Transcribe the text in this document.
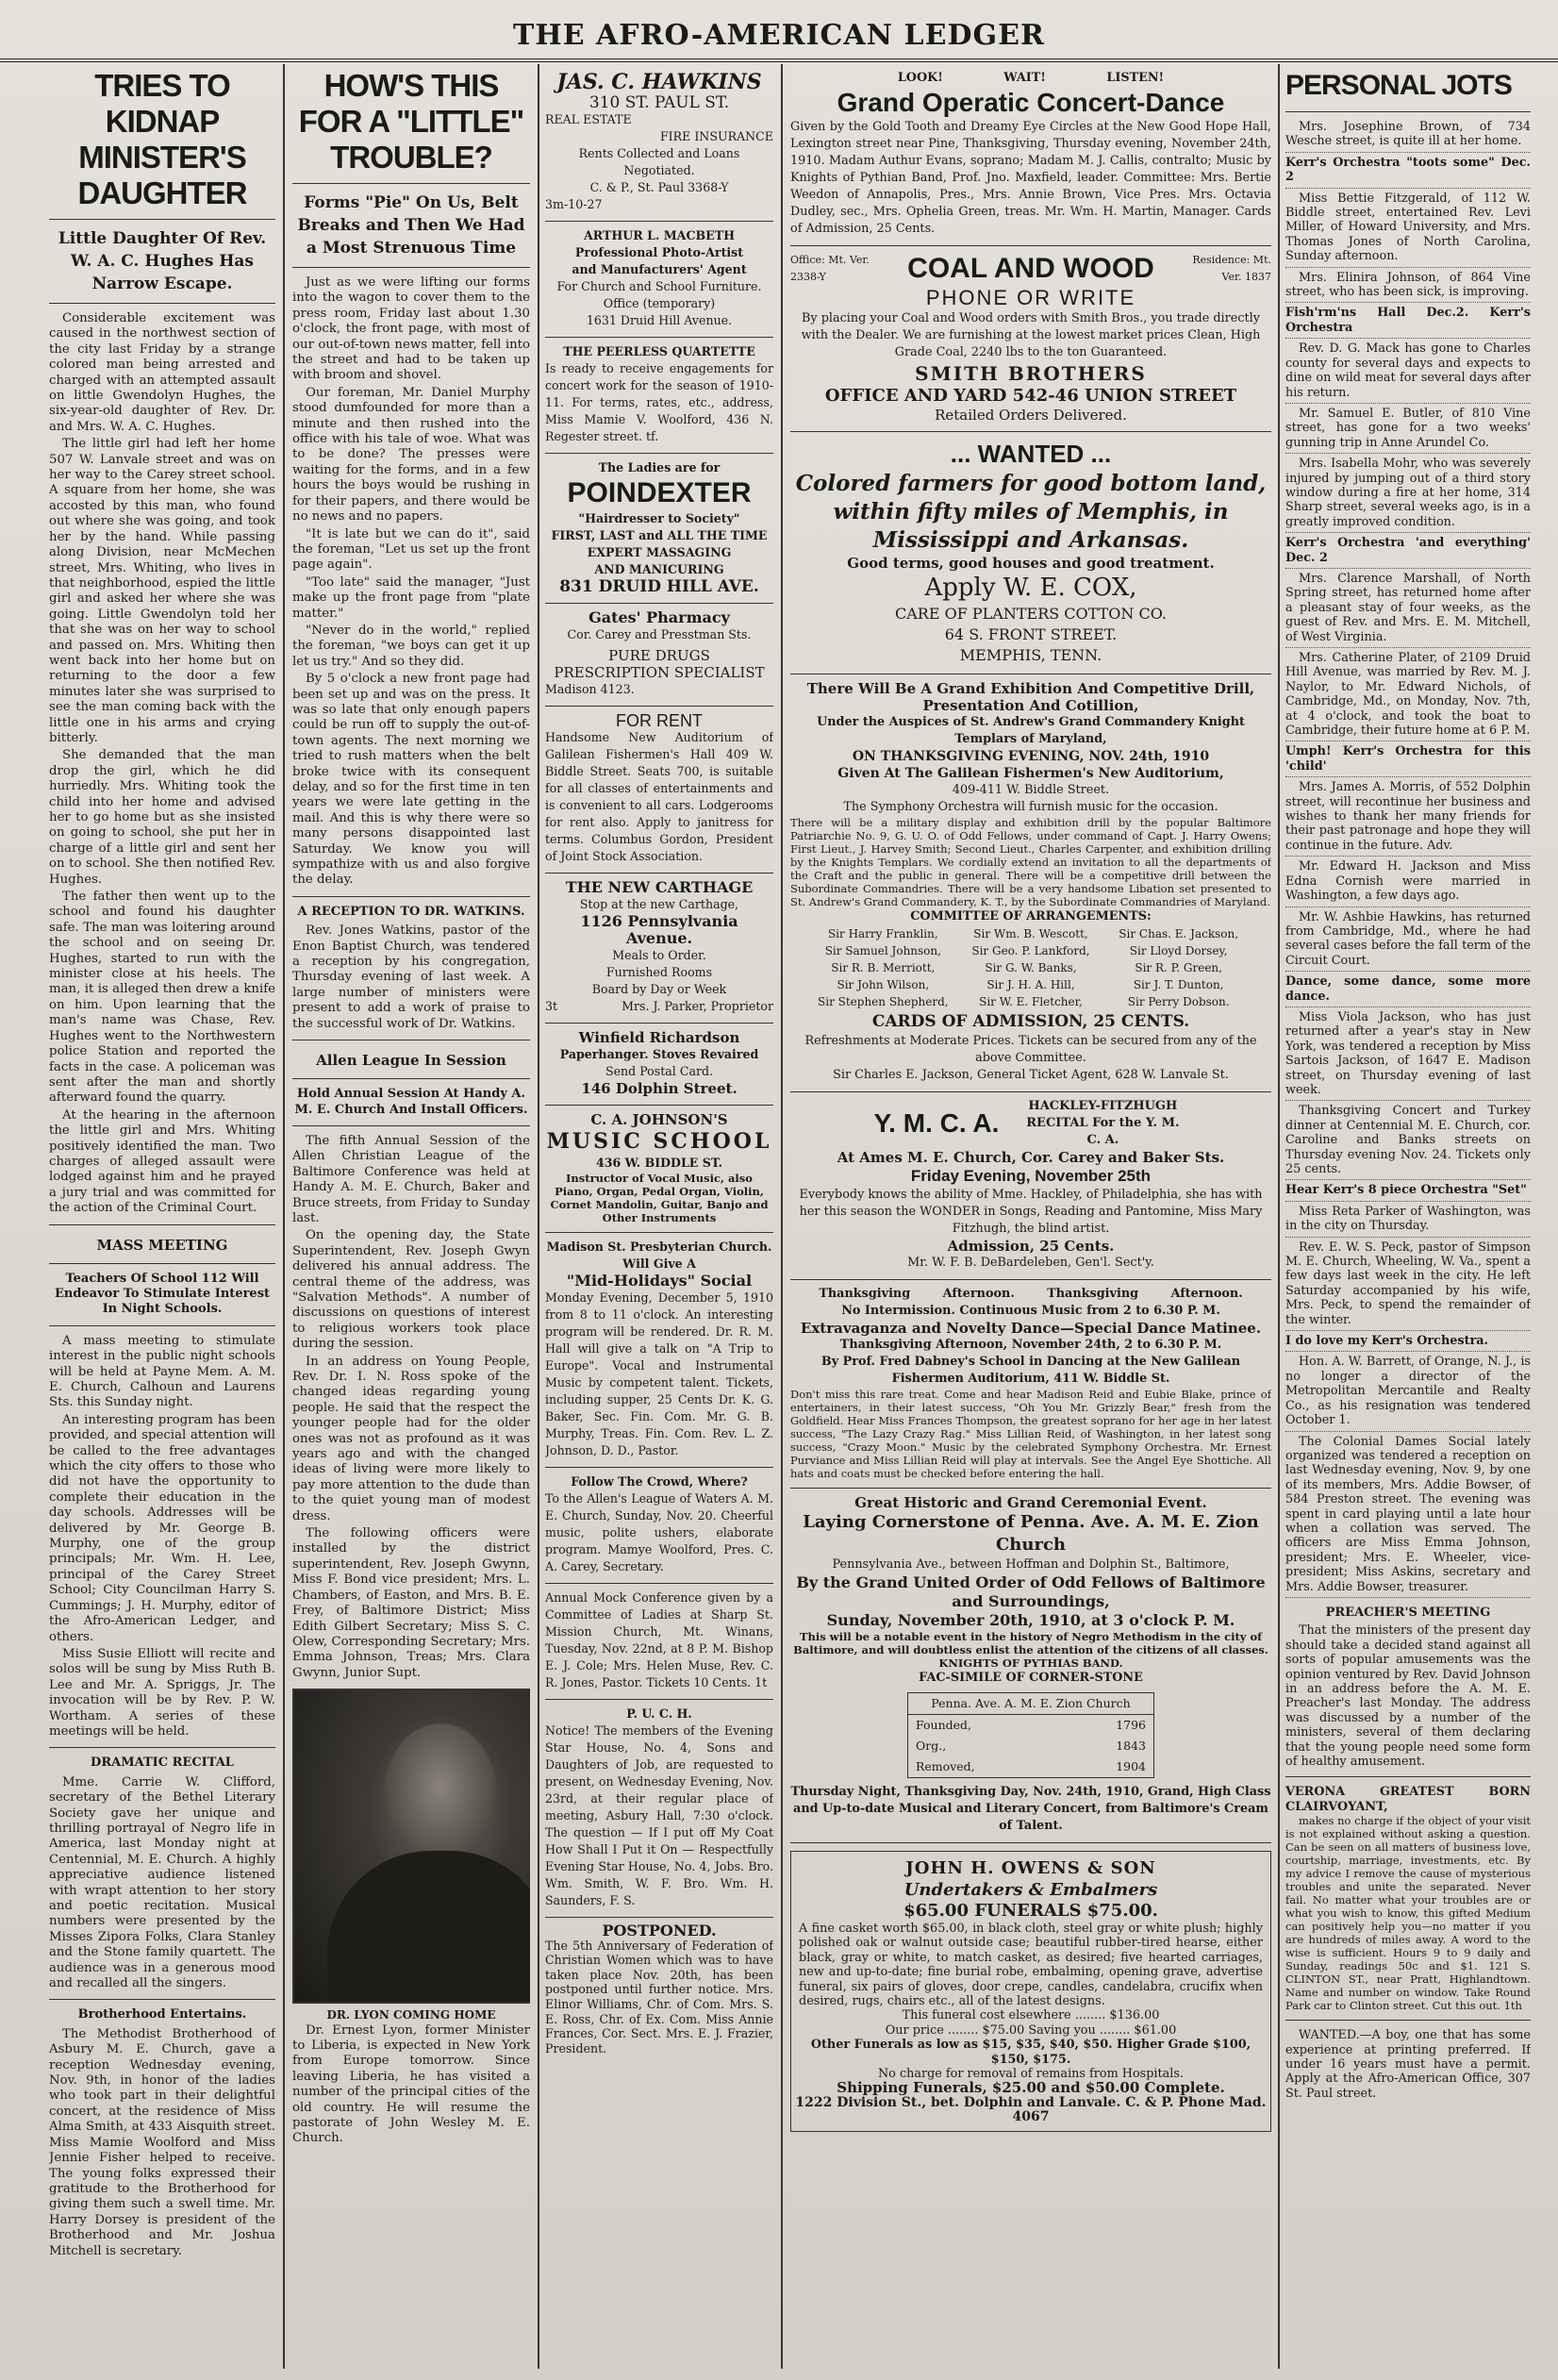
THE AFRO-AMERICAN LEDGER
TRIES TO KIDNAP MINISTER'S DAUGHTER
Little Daughter Of Rev. W. A. C. Hughes Has Narrow Escape.

Considerable excitement was caused in the northwest section of the city last Friday by a strange colored man being arrested and charged with an attempted assault on little Gwendolyn Hughes, the six-year-old daughter of Rev. Dr. and Mrs. W. A. C. Hughes.

The little girl had left her home 507 W. Lanvale street and was on her way to the Carey street school. A square from her home, she was accosted by this man, who found out where she was going, and took her by the hand. While passing along Division, near McMechen street, Mrs. Whiting, who lives in that neighborhood, espied the little girl and asked her where she was going. Little Gwendolyn told her that she was on her way to school and passed on. Mrs. Whiting then went back into her home but on returning to the door a few minutes later she was surprised to see the man coming back with the little one in his arms and crying bitterly.

She demanded that the man drop the girl, which he did hurriedly. Mrs. Whiting took the child into her home and advised her to go home but as she insisted on going to school, she put her in charge of a little girl and sent her on to school. She then notified Rev. Hughes.

The father then went up to the school and found his daughter safe. The man was loitering around the school and on seeing Dr. Hughes, started to run with the minister close at his heels. The man, it is alleged then drew a knife on him. Upon learning that the man's name was Chase, Rev. Hughes went to the Northwestern police Station and reported the facts in the case. A policeman was sent after the man and shortly afterward found the quarry.

At the hearing in the afternoon the little girl and Mrs. Whiting positively identified the man. Two charges of alleged assault were lodged against him and he prayed a jury trial and was committed for the action of the Criminal Court.

MASS MEETING
Teachers Of School 112 Will Endeavor To Stimulate Interest In Night Schools.

A mass meeting to stimulate interest in the public night schools will be held at Payne Mem. A. M. E. Church, Calhoun and Laurens Sts. this Sunday night.

An interesting program has been provided, and special attention will be called to the free advantages which the city offers to those who did not have the opportunity to complete their education in the day schools. Addresses will be delivered by Mr. George B. Murphy, one of the group principals; Mr. Wm. H. Lee, principal of the Carey Street School; City Councilman Harry S. Cummings; J. H. Murphy, editor of the Afro-American Ledger, and others.

Miss Susie Elliott will recite and solos will be sung by Miss Ruth B. Lee and Mr. A. Spriggs, Jr. The invocation will be by Rev. P. W. Wortham. A series of these meetings will be held.

DRAMATIC RECITAL

Mme. Carrie W. Clifford, secretary of the Bethel Literary Society gave her unique and thrilling portrayal of Negro life in America, last Monday night at Centennial, M. E. Church. A highly appreciative audience listened with wrapt attention to her story and poetic recitation. Musical numbers were presented by the Misses Zipora Folks, Clara Stanley and the Stone family quartett. The audience was in a generous mood and recalled all the singers.

Brotherhood Entertains.

The Methodist Brotherhood of Asbury M. E. Church, gave a reception Wednesday evening, Nov. 9th, in honor of the ladies who took part in their delightful concert, at the residence of Miss Alma Smith, at 433 Aisquith street. Miss Mamie Woolford and Miss Jennie Fisher helped to receive. The young folks expressed their gratitude to the Brotherhood for giving them such a swell time. Mr. Harry Dorsey is president of the Brotherhood and Mr. Joshua Mitchell is secretary.

HOW'S THIS FOR A "LITTLE" TROUBLE?
Forms "Pie" On Us, Belt Breaks and Then We Had a Most Strenuous Time

Just as we were lifting our forms into the wagon to cover them to the press room, Friday last about 1.30 o'clock, the front page, with most of our out-of-town news matter, fell into the street and had to be taken up with broom and shovel.

Our foreman, Mr. Daniel Murphy stood dumfounded for more than a minute and then rushed into the office with his tale of woe. What was to be done? The presses were waiting for the forms, and in a few hours the boys would be rushing in for their papers, and there would be no news and no papers.

"It is late but we can do it", said the foreman, "Let us set up the front page again".

"Too late" said the manager, "Just make up the front page from "plate matter."

"Never do in the world," replied the foreman, "we boys can get it up let us try." And so they did.

By 5 o'clock a new front page had been set up and was on the press. It was so late that only enough papers could be run off to supply the out-of-town agents. The next morning we tried to rush matters when the belt broke twice with its consequent delay, and so for the first time in ten years we were late getting in the mail. And this is why there were so many persons disappointed last Saturday. We know you will sympathize with us and also forgive the delay.

A RECEPTION TO DR. WATKINS.

Rev. Jones Watkins, pastor of the Enon Baptist Church, was tendered a reception by his congregation, Thursday evening of last week. A large number of ministers were present to add a work of praise to the successful work of Dr. Watkins.

Allen League In Session
Hold Annual Session At Handy A. M. E. Church And Install Officers.

The fifth Annual Session of the Allen Christian League of the Baltimore Conference was held at Handy A. M. E. Church, Baker and Bruce streets, from Friday to Sunday last.

On the opening day, the State Superintendent, Rev. Joseph Gwyn delivered his annual address. The central theme of the address, was "Salvation Methods". A number of discussions on questions of interest to religious workers took place during the session.

In an address on Young People, Rev. Dr. I. N. Ross spoke of the changed ideas regarding young people. He said that the respect the younger people had for the older ones was not as profound as it was years ago and with the changed ideas of living were more likely to pay more attention to the dude than to the quiet young man of modest dress.

The following officers were installed by the district superintendent, Rev. Joseph Gwynn, Miss F. Bond vice president; Mrs. L. Chambers, of Easton, and Mrs. B. E. Frey, of Baltimore District; Miss Edith Gilbert Secretary; Miss S. C. Olew, Corresponding Secretary; Mrs. Emma Johnson, Treas; Mrs. Clara Gwynn, Junior Supt.

DR. LYON COMING HOME

Dr. Ernest Lyon, former Minister to Liberia, is expected in New York from Europe tomorrow. Since leaving Liberia, he has visited a number of the principal cities of the old country. He will resume the pastorate of John Wesley M. E. Church.

JAS. C. HAWKINS
310 ST. PAUL ST.
REAL ESTATE
FIRE INSURANCE
Rents Collected and Loans Negotiated.
C. & P., St. Paul 3368-Y
3m-10-27
ARTHUR L. MACBETH
Professional Photo-Artist
and Manufacturers' Agent
For Church and School Furniture.
Office (temporary)
1631 Druid Hill Avenue.
THE PEERLESS QUARTETTE
Is ready to receive engagements for concert work for the season of 1910-11. For terms, rates, etc., address, Miss Mamie V. Woolford, 436 N. Regester street. tf.
The Ladies are for
POINDEXTER
"Hairdresser to Society"
FIRST, LAST and ALL THE TIME
EXPERT MASSAGING
AND MANICURING
831 DRUID HILL AVE.
Gates' Pharmacy
Cor. Carey and Presstman Sts.
PURE DRUGS
PRESCRIPTION SPECIALIST
Madison 4123.
FOR RENT
Handsome New Auditorium of Galilean Fishermen's Hall 409 W. Biddle Street. Seats 700, is suitable for all classes of entertainments and is convenient to all cars. Lodgerooms for rent also. Apply to janitress for terms. Columbus Gordon, President of Joint Stock Association.
THE NEW CARTHAGE
Stop at the new Carthage,
1126 Pennsylvania Avenue.
Meals to Order.
Furnished Rooms
Board by Day or Week
3t	Mrs. J. Parker, Proprietor
Winfield Richardson
Paperhanger. Stoves Revaired
Send Postal Card.
146 Dolphin Street.
C. A. JOHNSON'S
MUSIC SCHOOL
436 W. BIDDLE ST.
Instructor of Vocal Music, also Piano, Organ, Pedal Organ, Violin, Cornet Mandolin, Guitar, Banjo and Other Instruments
Madison St. Presbyterian Church. Will Give A
"Mid-Holidays" Social
Monday Evening, December 5, 1910 from 8 to 11 o'clock. An interesting program will be rendered. Dr. R. M. Hall will give a talk on "A Trip to Europe". Vocal and Instrumental Music by competent talent. Tickets, including supper, 25 Cents Dr. K. G. Baker, Sec. Fin. Com. Mr. G. B. Murphy, Treas. Fin. Com. Rev. L. Z. Johnson, D. D., Pastor.
Follow The Crowd, Where?
To the Allen's League of Waters A. M. E. Church, Sunday, Nov. 20. Cheerful music, polite ushers, elaborate program. Mamye Woolford, Pres. C. A. Carey, Secretary.
Annual Mock Conference given by a Committee of Ladies at Sharp St. Mission Church, Mt. Winans, Tuesday, Nov. 22nd, at 8 P. M. Bishop E. J. Cole; Mrs. Helen Muse, Rev. C. R. Jones, Pastor. Tickets 10 Cents. 1t
P. U. C. H.
Notice! The members of the Evening Star House, No. 4, Sons and Daughters of Job, are requested to present, on Wednesday Evening, Nov. 23rd, at their regular place of meeting, Asbury Hall, 7:30 o'clock. The question — If I put off My Coat How Shall I Put it On — Respectfully Evening Star House, No. 4, Jobs. Bro. Wm. Smith, W. F. Bro. Wm. H. Saunders, F. S.
POSTPONED.
The 5th Anniversary of Federation of Christian Women which was to have taken place Nov. 20th, has been postponed until further notice. Mrs. Elinor Williams, Chr. of Com. Mrs. S. E. Ross, Chr. of Ex. Com. Miss Annie Frances, Cor. Sect. Mrs. E. J. Frazier, President.
LOOK! WAIT! LISTEN!
Grand Operatic Concert-Dance
Given by the Gold Tooth and Dreamy Eye Circles at the New Good Hope Hall, Lexington street near Pine, Thanksgiving, Thursday evening, November 24th, 1910. Madam Authur Evans, soprano; Madam M. J. Callis, contralto; Music by Knights of Pythian Band, Prof. Jno. Maxfield, leader. Committee: Mrs. Bertie Weedon of Annapolis, Pres., Mrs. Annie Brown, Vice Pres. Mrs. Octavia Dudley, sec., Mrs. Ophelia Green, treas. Mr. Wm. H. Martin, Manager. Cards of Admission, 25 Cents.
Office: Mt. Ver. 2338-Y	COAL AND WOOD	Residence: Mt. Ver. 1837
PHONE OR WRITE
By placing your Coal and Wood orders with Smith Bros., you trade directly with the Dealer. We are furnishing at the lowest market prices Clean, High Grade Coal, 2240 lbs to the ton Guaranteed.
SMITH BROTHERS
OFFICE AND YARD 542-46 UNION STREET
Retailed Orders Delivered.
... WANTED ...
Colored farmers for good bottom land, within fifty miles of Memphis, in Mississippi and Arkansas.
Good terms, good houses and good treatment.
Apply W. E. COX,
CARE OF PLANTERS COTTON CO.
64 S. FRONT STREET.
MEMPHIS, TENN.
There Will Be A Grand Exhibition And Competitive Drill, Presentation And Cotillion,
Under the Auspices of St. Andrew's Grand Commandery Knight Templars of Maryland,
ON THANKSGIVING EVENING, NOV. 24th, 1910
Given At The Galilean Fishermen's New Auditorium,
409-411 W. Biddle Street.
The Symphony Orchestra will furnish music for the occasion.
There will be a military display and exhibition drill by the popular Baltimore Patriarchie No. 9, G. U. O. of Odd Fellows, under command of Capt. J. Harry Owens; First Lieut., J. Harvey Smith; Second Lieut., Charles Carpenter, and exhibition drilling by the Knights Templars. We cordially extend an invitation to all the departments of the Craft and the public in general. There will be a competitive drill between the Subordinate Commandries. There will be a very handsome Libation set presented to St. Andrew's Grand Commandery, K. T., by the Subordinate Commandries of Maryland.
COMMITTEE OF ARRANGEMENTS:
Sir Harry Franklin,	Sir Wm. B. Wescott,	Sir Chas. E. Jackson,
Sir Samuel Johnson,	Sir Geo. P. Lankford,	Sir Lloyd Dorsey,
Sir R. B. Merriott,	Sir G. W. Banks,	Sir R. P. Green,
Sir John Wilson,	Sir J. H. A. Hill,	Sir J. T. Dunton,
Sir Stephen Shepherd,	Sir W. E. Fletcher,	Sir Perry Dobson.
CARDS OF ADMISSION, 25 CENTS.
Refreshments at Moderate Prices. Tickets can be secured from any of the above Committee.
Sir Charles E. Jackson, General Ticket Agent, 628 W. Lanvale St.
Y. M. C. A.
HACKLEY-FITZHUGH RECITAL For the Y. M. C. A.
At Ames M. E. Church, Cor. Carey and Baker Sts.
Friday Evening, November 25th
Everybody knows the ability of Mme. Hackley, of Philadelphia, she has with her this season the WONDER in Songs, Reading and Pantomine, Miss Mary Fitzhugh, the blind artist.
Admission, 25 Cents.
Mr. W. F. B. DeBardeleben, Gen'l. Sect'y.
Thanksgiving Afternoon. Thanksgiving Afternoon.
No Intermission. Continuous Music from 2 to 6.30 P. M.
Extravaganza and Novelty Dance—Special Dance Matinee.
Thanksgiving Afternoon, November 24th, 2 to 6.30 P. M.
By Prof. Fred Dabney's School in Dancing at the New Galilean Fishermen Auditorium, 411 W. Biddle St.
Don't miss this rare treat. Come and hear Madison Reid and Eubie Blake, prince of entertainers, in their latest success, "Oh You Mr. Grizzly Bear," fresh from the Goldfield. Hear Miss Frances Thompson, the greatest soprano for her age in her latest success, "The Lazy Crazy Rag." Miss Lillian Reid, of Washington, in her latest song success, "Crazy Moon." Music by the celebrated Symphony Orchestra. Mr. Ernest Purviance and Miss Lillian Reid will play at intervals. See the Angel Eye Shottiche. All hats and coats must be checked before entering the hall.
Great Historic and Grand Ceremonial Event.
Laying Cornerstone of Penna. Ave. A. M. E. Zion Church
Pennsylvania Ave., between Hoffman and Dolphin St., Baltimore,
By the Grand United Order of Odd Fellows of Baltimore and Surroundings,
Sunday, November 20th, 1910, at 3 o'clock P. M.
This will be a notable event in the history of Negro Methodism in the city of Baltimore, and will doubtless enlist the attention of the citizens of all classes. KNIGHTS OF PYTHIAS BAND.
FAC-SIMILE OF CORNER-STONE
Penna. Ave. A. M. E. Zion Church
Founded,	1796
Org.,	1843
Removed,	1904
Thursday Night, Thanksgiving Day, Nov. 24th, 1910, Grand, High Class and Up-to-date Musical and Literary Concert, from Baltimore's Cream of Talent.
JOHN H. OWENS & SON
Undertakers & Embalmers
$65.00 FUNERALS $75.00.
A fine casket worth $65.00, in black cloth, steel gray or white plush; highly polished oak or walnut outside case; beautiful rubber-tired hearse, either black, gray or white, to match casket, as desired; five hearted carriages, new and up-to-date; fine burial robe, embalming, opening grave, advertise funeral, six pairs of gloves, door crepe, candles, candelabra, crucifix when desired, rugs, chairs etc., all of the latest designs.
This funeral cost elsewhere ........ $136.00
Our price ........ $75.00 Saving you ........ $61.00
Other Funerals as low as $15, $35, $40, $50. Higher Grade $100, $150, $175.
No charge for removal of remains from Hospitals.
Shipping Funerals, $25.00 and $50.00 Complete.
1222 Division St., bet. Dolphin and Lanvale. C. & P. Phone Mad. 4067
PERSONAL JOTS
Mrs. Josephine Brown, of 734 Wesche street, is quite ill at her home.
Kerr's Orchestra "toots some" Dec. 2
Miss Bettie Fitzgerald, of 112 W. Biddle street, entertained Rev. Levi Miller, of Howard University, and Mrs. Thomas Jones of North Carolina, Sunday afternoon.
Mrs. Elinira Johnson, of 864 Vine street, who has been sick, is improving.
Fish'rm'ns Hall Dec.2. Kerr's Orchestra
Rev. D. G. Mack has gone to Charles county for several days and expects to dine on wild meat for several days after his return.
Mr. Samuel E. Butler, of 810 Vine street, has gone for a two weeks' gunning trip in Anne Arundel Co.
Mrs. Isabella Mohr, who was severely injured by jumping out of a third story window during a fire at her home, 314 Sharp street, several weeks ago, is in a greatly improved condition.
Kerr's Orchestra 'and everything' Dec. 2
Mrs. Clarence Marshall, of North Spring street, has returned home after a pleasant stay of four weeks, as the guest of Rev. and Mrs. E. M. Mitchell, of West Virginia.
Mrs. Catherine Plater, of 2109 Druid Hill Avenue, was married by Rev. M. J. Naylor, to Mr. Edward Nichols, of Cambridge, Md., on Monday, Nov. 7th, at 4 o'clock, and took the boat to Cambridge, their future home at 6 P. M.
Umph! Kerr's Orchestra for this 'child'
Mrs. James A. Morris, of 552 Dolphin street, will recontinue her business and wishes to thank her many friends for their past patronage and hope they will continue in the future. Adv.
Mr. Edward H. Jackson and Miss Edna Cornish were married in Washington, a few days ago.
Mr. W. Ashbie Hawkins, has returned from Cambridge, Md., where he had several cases before the fall term of the Circuit Court.
Dance, some dance, some more dance.
Miss Viola Jackson, who has just returned after a year's stay in New York, was tendered a reception by Miss Sartois Jackson, of 1647 E. Madison street, on Thursday evening of last week.
Thanksgiving Concert and Turkey dinner at Centennial M. E. Church, cor. Caroline and Banks streets on Thursday evening Nov. 24. Tickets only 25 cents.
Hear Kerr's 8 piece Orchestra "Set"
Miss Reta Parker of Washington, was in the city on Thursday.
Rev. E. W. S. Peck, pastor of Simpson M. E. Church, Wheeling, W. Va., spent a few days last week in the city. He left Saturday accompanied by his wife, Mrs. Peck, to spend the remainder of the winter.
I do love my Kerr's Orchestra.
Hon. A. W. Barrett, of Orange, N. J., is no longer a director of the Metropolitan Mercantile and Realty Co., as his resignation was tendered October 1.
The Colonial Dames Social lately organized was tendered a reception on last Wednesday evening, Nov. 9, by one of its members, Mrs. Addie Bowser, of 584 Preston street. The evening was spent in card playing until a late hour when a collation was served. The officers are Miss Emma Johnson, president; Mrs. E. Wheeler, vice-president; Miss Askins, secretary and Mrs. Addie Bowser, treasurer.
PREACHER'S MEETING

That the ministers of the present day should take a decided stand against all sorts of popular amusements was the opinion ventured by Rev. David Johnson in an address before the A. M. E. Preacher's last Monday. The address was discussed by a number of the ministers, several of them declaring that the young people need some form of healthy amusement.

VERONA GREATEST BORN CLAIRVOYANT,

makes no charge if the object of your visit is not explained without asking a question. Can be seen on all matters of business love, courtship, marriage, investments, etc. By my advice I remove the cause of mysterious troubles and unite the separated. Never fail. No matter what your troubles are or what you wish to know, this gifted Medium can positively help you—no matter if you are hundreds of miles away. A word to the wise is sufficient. Hours 9 to 9 daily and Sunday, readings 50c and $1. 121 S. CLINTON ST., near Pratt, Highlandtown. Name and number on window. Take Round Park car to Clinton street. Cut this out. 1th

WANTED.—A boy, one that has some experience at printing preferred. If under 16 years must have a permit. Apply at the Afro-American Office, 307 St. Paul street.
